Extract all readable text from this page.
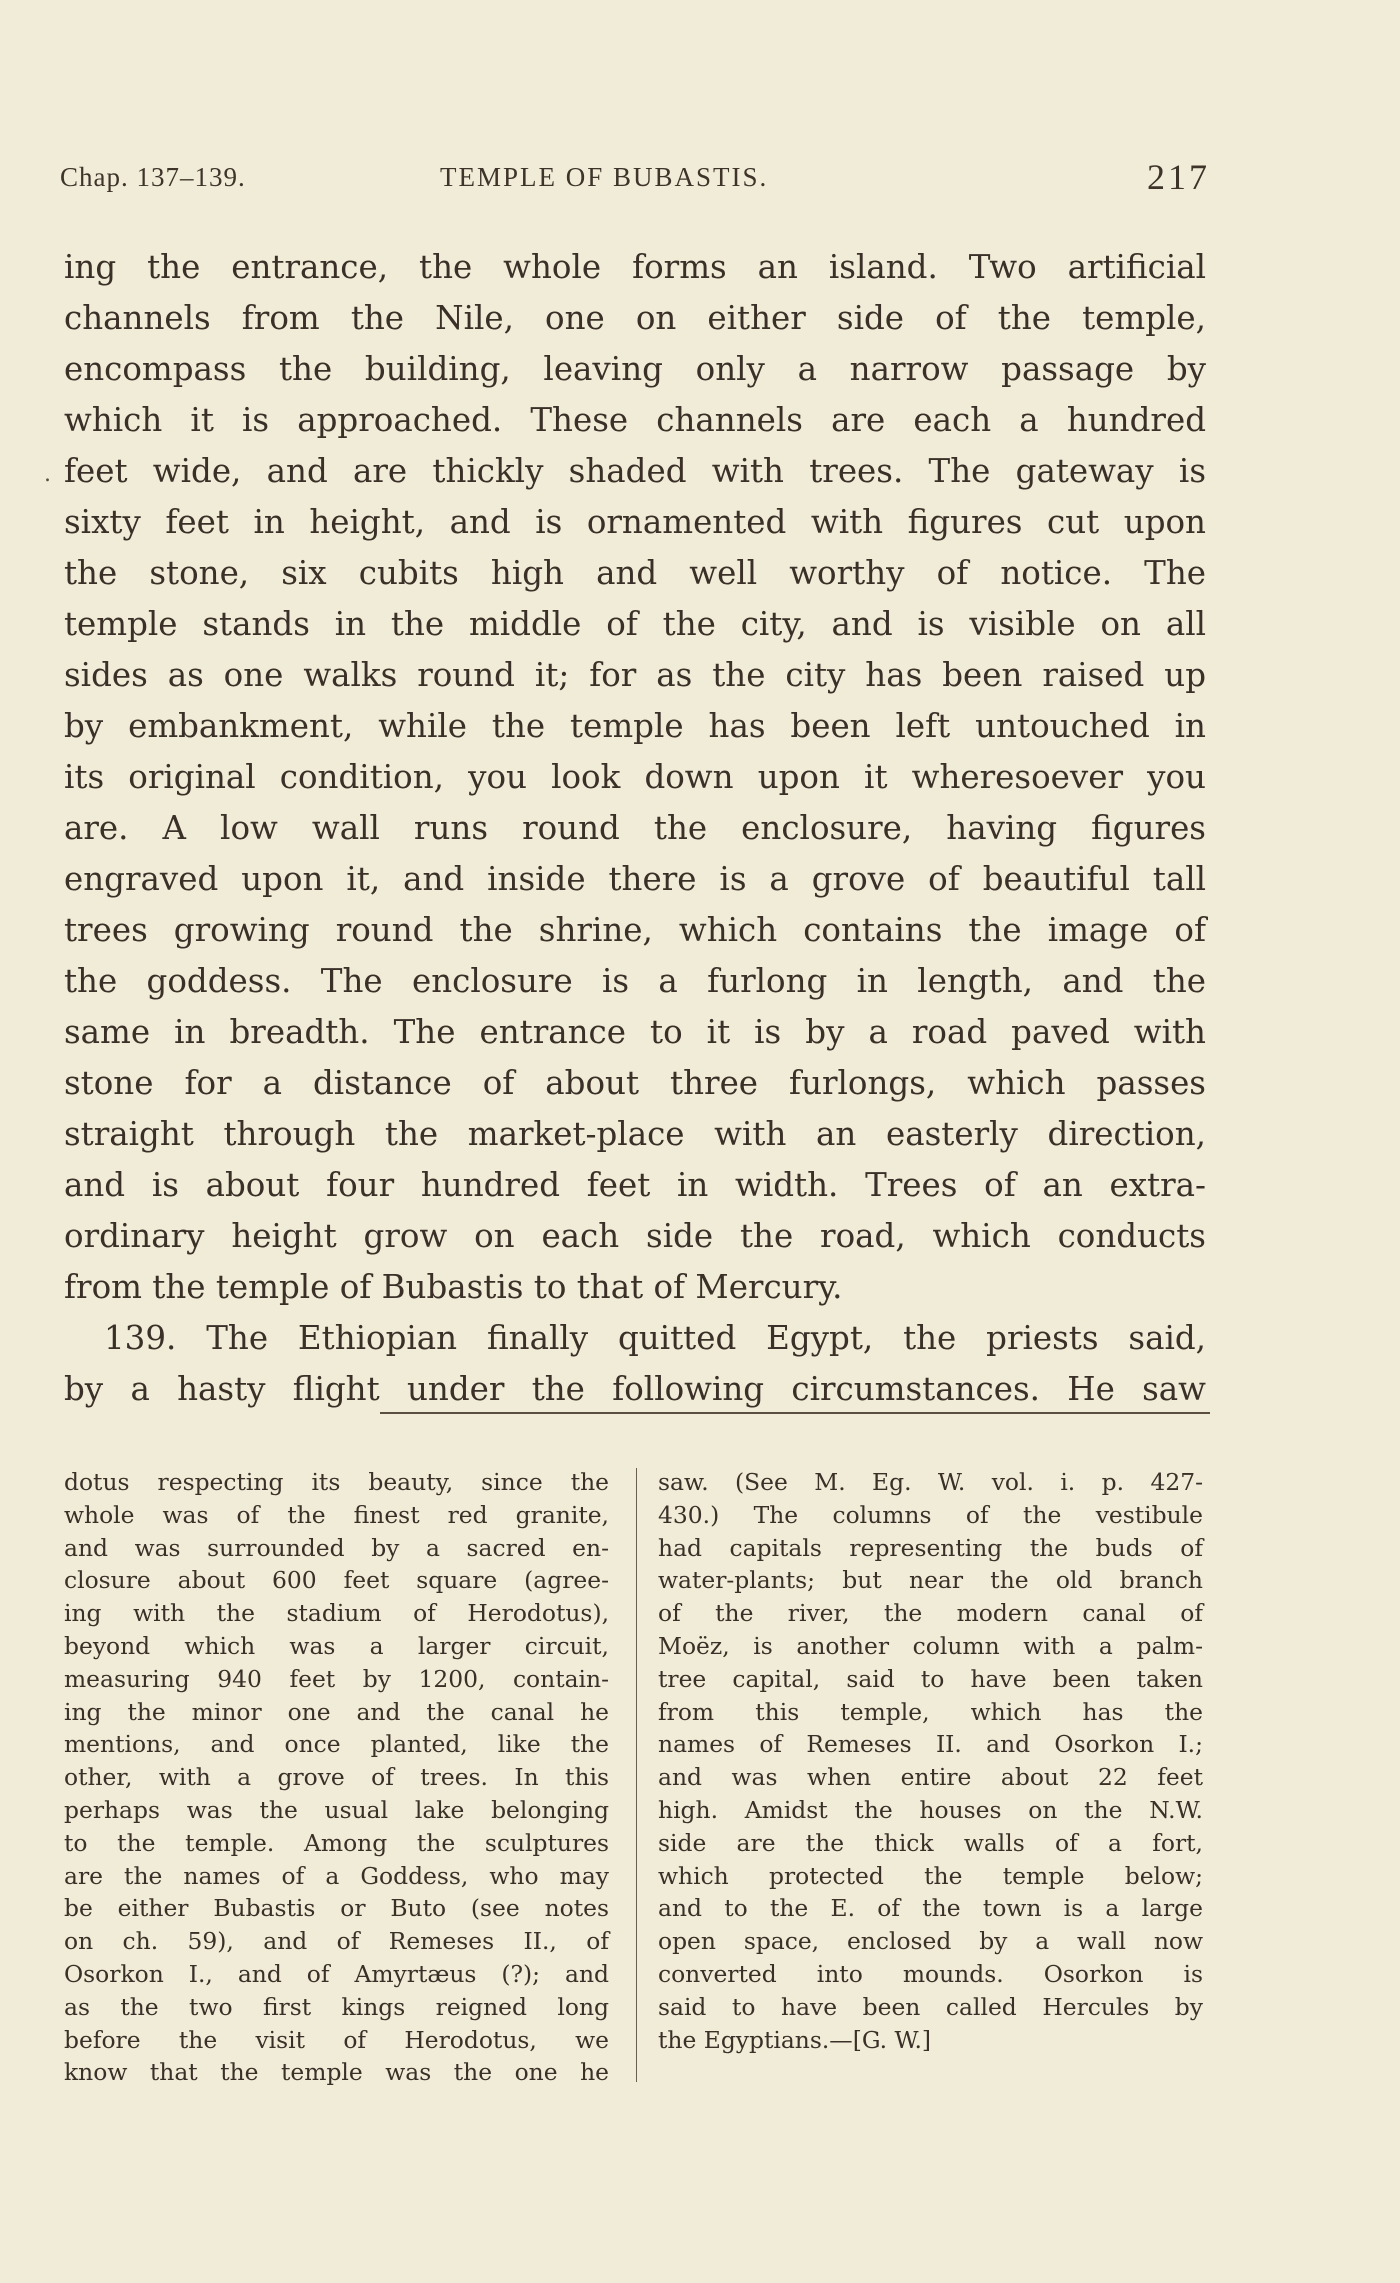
Chap. 137–139.	TEMPLE OF BUBASTIS.	217
.
ing the entrance, the whole forms an island. Two artificial
channels from the Nile, one on either side of the temple,
encompass the building, leaving only a narrow passage by
which it is approached. These channels are each a hundred
feet wide, and are thickly shaded with trees. The gateway is
sixty feet in height, and is ornamented with figures cut upon
the stone, six cubits high and well worthy of notice. The
temple stands in the middle of the city, and is visible on all
sides as one walks round it; for as the city has been raised up
by embankment, while the temple has been left untouched in
its original condition, you look down upon it wheresoever you
are. A low wall runs round the enclosure, having figures
engraved upon it, and inside there is a grove of beautiful tall
trees growing round the shrine, which contains the image of
the goddess. The enclosure is a furlong in length, and the
same in breadth. The entrance to it is by a road paved with
stone for a distance of about three furlongs, which passes
straight through the market-place with an easterly direction,
and is about four hundred feet in width. Trees of an extra-
ordinary height grow on each side the road, which conducts
from the temple of Bubastis to that of Mercury.
139. The Ethiopian finally quitted Egypt, the priests said,
by a hasty flight under the following circumstances. He saw
dotus respecting its beauty, since the
whole was of the finest red granite,
and was surrounded by a sacred en-
closure about 600 feet square (agree-
ing with the stadium of Herodotus),
beyond which was a larger circuit,
measuring 940 feet by 1200, contain-
ing the minor one and the canal he
mentions, and once planted, like the
other, with a grove of trees. In this
perhaps was the usual lake belonging
to the temple. Among the sculptures
are the names of a Goddess, who may
be either Bubastis or Buto (see notes
on ch. 59), and of Remeses II., of
Osorkon I., and of Amyrtæus (?); and
as the two first kings reigned long
before the visit of Herodotus, we
know that the temple was the one he
saw. (See M. Eg. W. vol. i. p. 427-
430.) The columns of the vestibule
had capitals representing the buds of
water-plants; but near the old branch
of the river, the modern canal of
Moëz, is another column with a palm-
tree capital, said to have been taken
from this temple, which has the
names of Remeses II. and Osorkon I.;
and was when entire about 22 feet
high. Amidst the houses on the N.W.
side are the thick walls of a fort,
which protected the temple below;
and to the E. of the town is a large
open space, enclosed by a wall now
converted into mounds. Osorkon is
said to have been called Hercules by
the Egyptians.—[G. W.]
